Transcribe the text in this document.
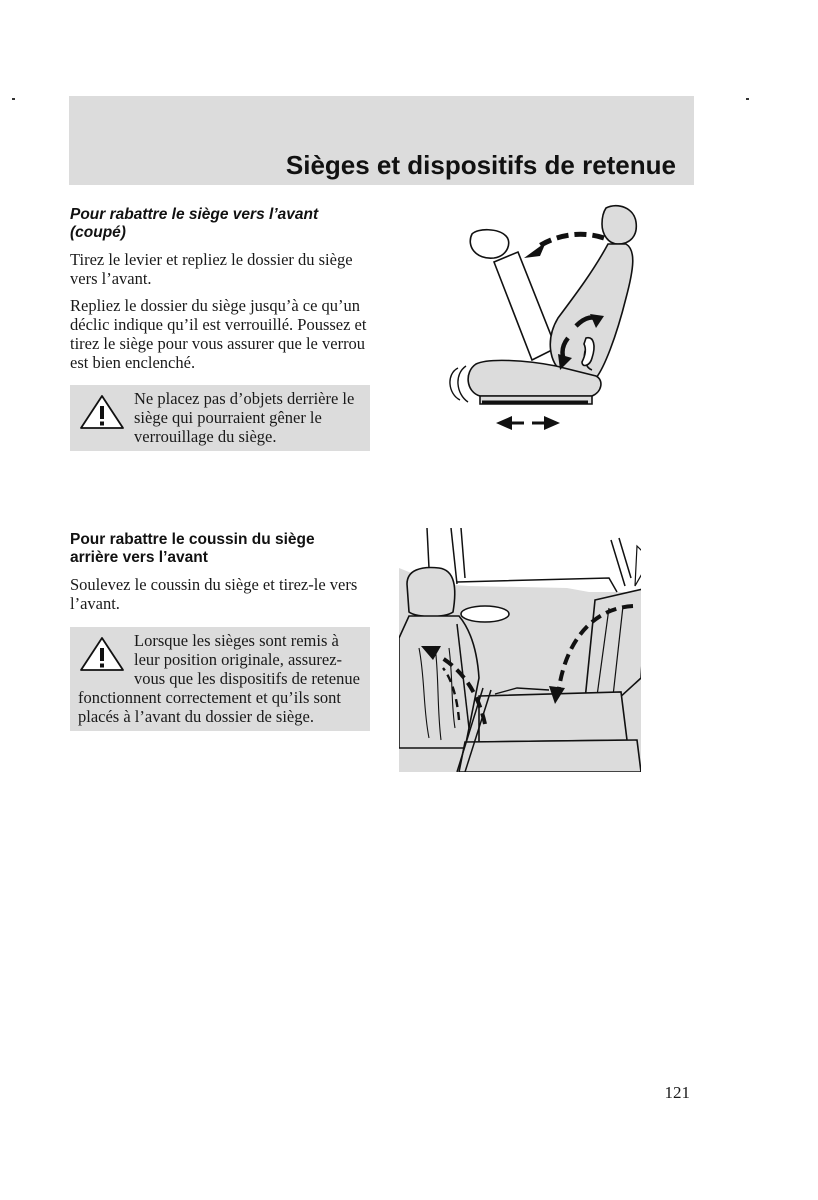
Sièges et dispositifs de retenue
Pour rabattre le siège vers l’avant
(coupé)

Tirez le levier et repliez le dossier du siège vers l’avant.

Repliez le dossier du siège jusqu’à ce qu’un déclic indique qu’il est verrouillé. Poussez et tirez le siège pour vous assurer que le verrou est bien enclenché.

Ne placez pas d’objets derrière le siège qui pourraient gêner le verrouillage du siège.
Pour rabattre le coussin du siège
arrière vers l’avant

Soulevez le coussin du siège et tirez-le vers l’avant.

Lorsque les sièges sont remis à leur position originale, assurez-vous que les dispositifs de retenue fonctionnent correctement et qu’ils sont placés à l’avant du dossier de siège.
121
